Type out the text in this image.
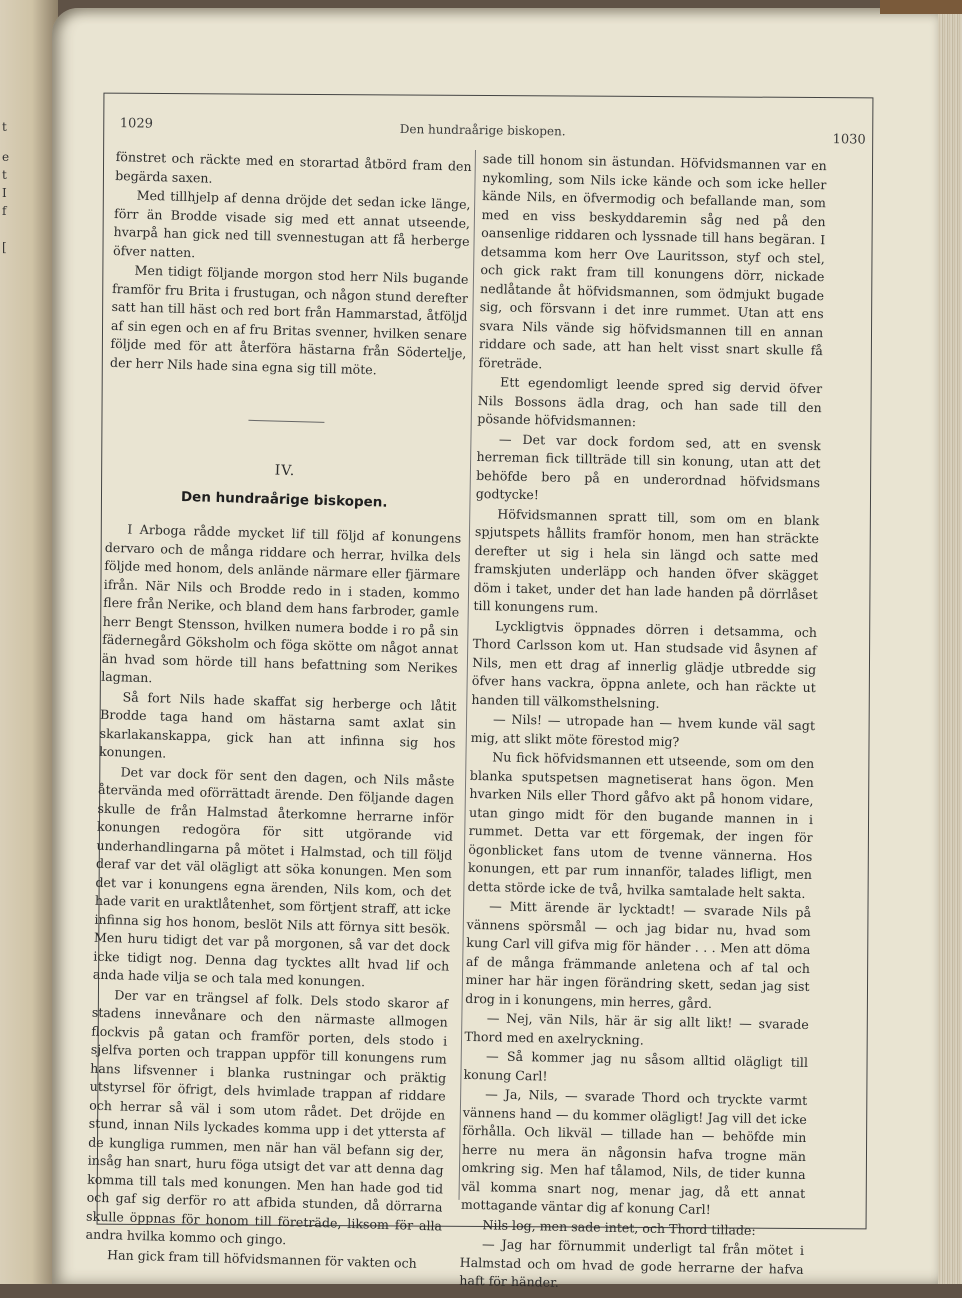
t
e
t
I
f
[
1029	Den hundraårige biskopen.
1030

fönstret och räckte med en storartad åtbörd fram den begärda saxen.

Med tillhjelp af denna dröjde det sedan icke länge, förr än Brodde visade sig med ett annat utseende, hvarpå han gick ned till svennestugan att få herberge öfver natten.

Men tidigt följande morgon stod herr Nils bugande framför fru Brita i frustugan, och någon stund derefter satt han till häst och red bort från Hammarstad, åtföljd af sin egen och en af fru Britas svenner, hvilken senare följde med för att återföra hästarna från Södertelje, der herr Nils hade sina egna sig till möte.

IV.
Den hundraårige biskopen.

I Arboga rådde mycket lif till följd af konungens dervaro och de många riddare och herrar, hvilka dels följde med honom, dels anlände närmare eller fjärmare ifrån. När Nils och Brodde redo in i staden, kommo flere från Nerike, och bland dem hans farbroder, gamle herr Bengt Stensson, hvilken numera bodde i ro på sin fädernegård Göksholm och föga skötte om något annat än hvad som hörde till hans befattning som Nerikes lagman.

Så fort Nils hade skaffat sig herberge och låtit Brodde taga hand om hästarna samt axlat sin skarlakanskappa, gick han att infinna sig hos konungen.

Det var dock för sent den dagen, och Nils måste återvända med oförrättadt ärende. Den följande dagen skulle de från Halmstad återkomne herrarne inför konungen redogöra för sitt utgörande vid underhandlingarna på mötet i Halmstad, och till följd deraf var det väl olägligt att söka konungen. Men som det var i konungens egna ärenden, Nils kom, och det hade varit en uraktlåtenhet, som förtjent straff, att icke infinna sig hos honom, beslöt Nils att förnya sitt besök. Men huru tidigt det var på morgonen, så var det dock icke tidigt nog. Denna dag tycktes allt hvad lif och anda hade vilja se och tala med konungen.

Der var en trängsel af folk. Dels stodo skaror af stadens innevånare och den närmaste allmogen flockvis på gatan och framför porten, dels stodo i sjelfva porten och trappan uppför till konungens rum hans lifsvenner i blanka rustningar och präktig utstyrsel för öfrigt, dels hvimlade trappan af riddare och herrar så väl i som utom rådet. Det dröjde en stund, innan Nils lyckades komma upp i det yttersta af de kungliga rummen, men när han väl befann sig der, insåg han snart, huru föga utsigt det var att denna dag komma till tals med konungen. Men han hade god tid och gaf sig derför ro att afbida stunden, då dörrarna skulle öppnas för honom till företräde, liksom för alla andra hvilka kommo och gingo.

Han gick fram till höfvidsmannen för vakten och

sade till honom sin ästundan. Höfvidsmannen var en nykomling, som Nils icke kände och som icke heller kände Nils, en öfvermodig och befallande man, som med en viss beskyddaremin såg ned på den oansenlige riddaren och lyssnade till hans begäran. I detsamma kom herr Ove Lauritsson, styf och stel, och gick rakt fram till konungens dörr, nickade nedlåtande åt höfvidsmannen, som ödmjukt bugade sig, och försvann i det inre rummet. Utan att ens svara Nils vände sig höfvidsmannen till en annan riddare och sade, att han helt visst snart skulle få företräde.

Ett egendomligt leende spred sig dervid öfver Nils Bossons ädla drag, och han sade till den pösande höfvidsmannen:

— Det var dock fordom sed, att en svensk herreman fick tillträde till sin konung, utan att det behöfde bero på en underordnad höfvidsmans godtycke!

Höfvidsmannen spratt till, som om en blank spjutspets hållits framför honom, men han sträckte derefter ut sig i hela sin längd och satte med framskjuten underläpp och handen öfver skägget döm i taket, under det han lade handen på dörrlåset till konungens rum.

Lyckligtvis öppnades dörren i detsamma, och Thord Carlsson kom ut. Han studsade vid åsynen af Nils, men ett drag af innerlig glädje utbredde sig öfver hans vackra, öppna anlete, och han räckte ut handen till välkomsthelsning.

— Nils! — utropade han — hvem kunde väl sagt mig, att slikt möte förestod mig?

Nu fick höfvidsmannen ett utseende, som om den blanka sputspetsen magnetiserat hans ögon. Men hvarken Nils eller Thord gåfvo akt på honom vidare, utan gingo midt för den bugande mannen in i rummet. Detta var ett förgemak, der ingen för ögonblicket fans utom de tvenne vännerna. Hos konungen, ett par rum innanför, talades lifligt, men detta störde icke de två, hvilka samtalade helt sakta.

— Mitt ärende är lycktadt! — svarade Nils på vännens spörsmål — och jag bidar nu, hvad som kung Carl vill gifva mig för händer . . . Men att döma af de många främmande anletena och af tal och miner har här ingen förändring skett, sedan jag sist drog in i konungens, min herres, gård.

— Nej, vän Nils, här är sig allt likt! — svarade Thord med en axelryckning.

— Så kommer jag nu såsom alltid olägligt till konung Carl!

— Ja, Nils, — svarade Thord och tryckte varmt vännens hand — du kommer olägligt! Jag vill det icke förhålla. Och likväl — tillade han — behöfde min herre nu mera än någonsin hafva trogne män omkring sig. Men haf tålamod, Nils, de tider kunna väl komma snart nog, menar jag, då ett annat mottagande väntar dig af konung Carl!

Nils log, men sade intet, och Thord tillade:

— Jag har förnummit underligt tal från mötet i Halmstad och om hvad de gode herrarne der hafva haft för händer.
